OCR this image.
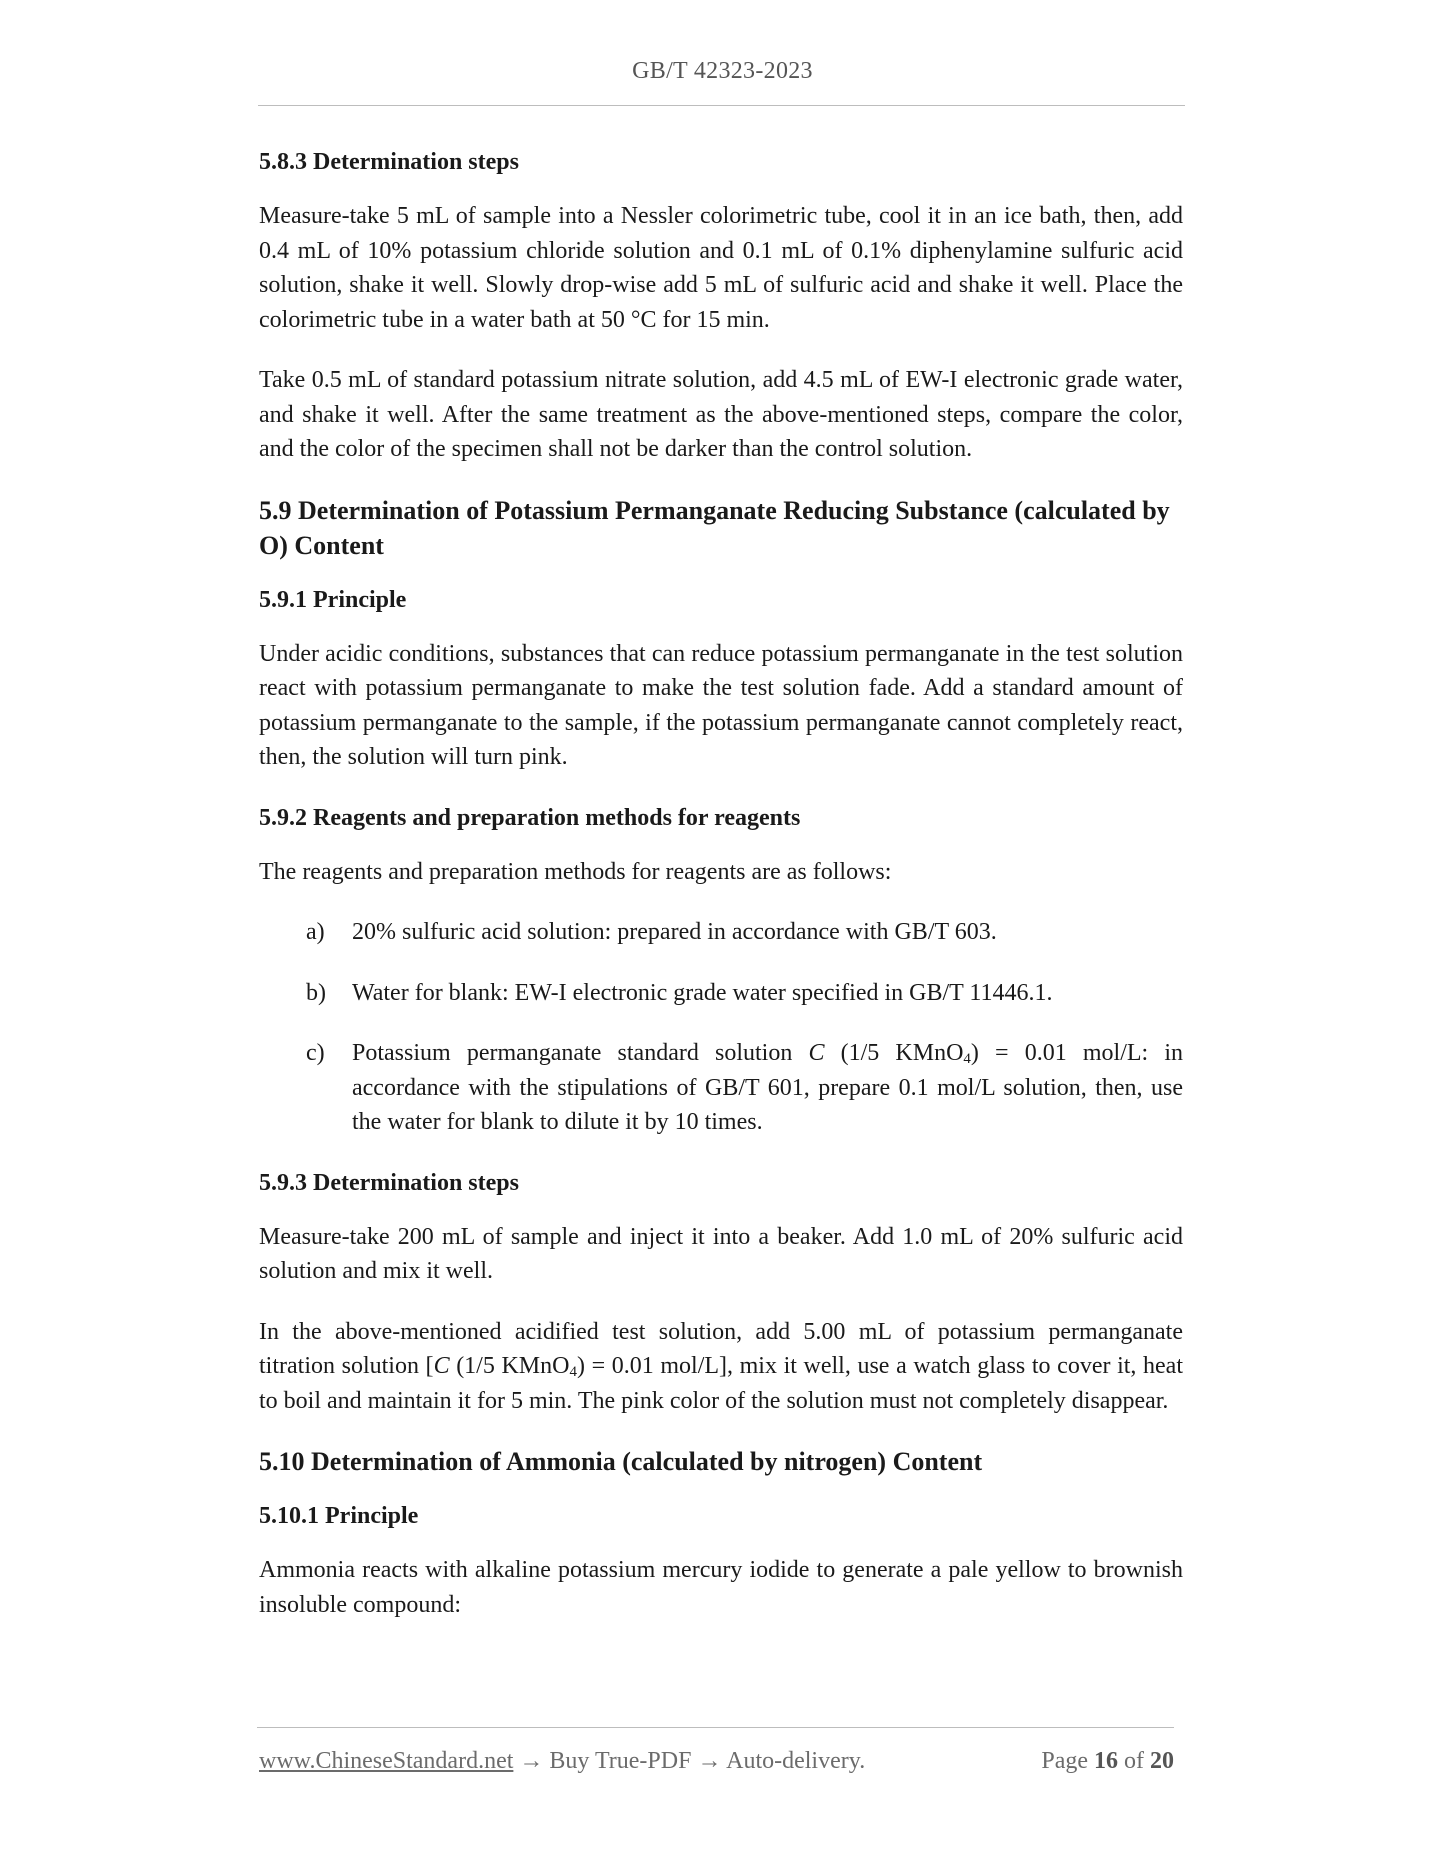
GB/T 42323-2023
5.8.3 Determination steps

Measure-take 5 mL of sample into a Nessler colorimetric tube, cool it in an ice bath, then, add 0.4 mL of 10% potassium chloride solution and 0.1 mL of 0.1% diphenylamine sulfuric acid solution, shake it well. Slowly drop-wise add 5 mL of sulfuric acid and shake it well. Place the colorimetric tube in a water bath at 50 °C for 15 min.

Take 0.5 mL of standard potassium nitrate solution, add 4.5 mL of EW-I electronic grade water, and shake it well. After the same treatment as the above-mentioned steps, compare the color, and the color of the specimen shall not be darker than the control solution.

5.9 Determination of Potassium Permanganate Reducing Substance (calculated by O) Content
5.9.1 Principle

Under acidic conditions, substances that can reduce potassium permanganate in the test solution react with potassium permanganate to make the test solution fade. Add a standard amount of potassium permanganate to the sample, if the potassium permanganate cannot completely react, then, the solution will turn pink.

5.9.2 Reagents and preparation methods for reagents

The reagents and preparation methods for reagents are as follows:

a) 20% sulfuric acid solution: prepared in accordance with GB/T 603.
b) Water for blank: EW-I electronic grade water specified in GB/T 11446.1.
c) Potassium permanganate standard solution C (1/5 KMnO$_4$) = 0.01 mol/L: in accordance with the stipulations of GB/T 601, prepare 0.1 mol/L solution, then, use the water for blank to dilute it by 10 times.
5.9.3 Determination steps

Measure-take 200 mL of sample and inject it into a beaker. Add 1.0 mL of 20% sulfuric acid solution and mix it well.

In the above-mentioned acidified test solution, add 5.00 mL of potassium permanganate titration solution [C (1/5 KMnO$_4$) = 0.01 mol/L], mix it well, use a watch glass to cover it, heat to boil and maintain it for 5 min. The pink color of the solution must not completely disappear.

5.10 Determination of Ammonia (calculated by nitrogen) Content
5.10.1 Principle

Ammonia reacts with alkaline potassium mercury iodide to generate a pale yellow to brownish insoluble compound:

www.ChineseStandard.net → Buy True-PDF → Auto-delivery.	Page 16 of 20
